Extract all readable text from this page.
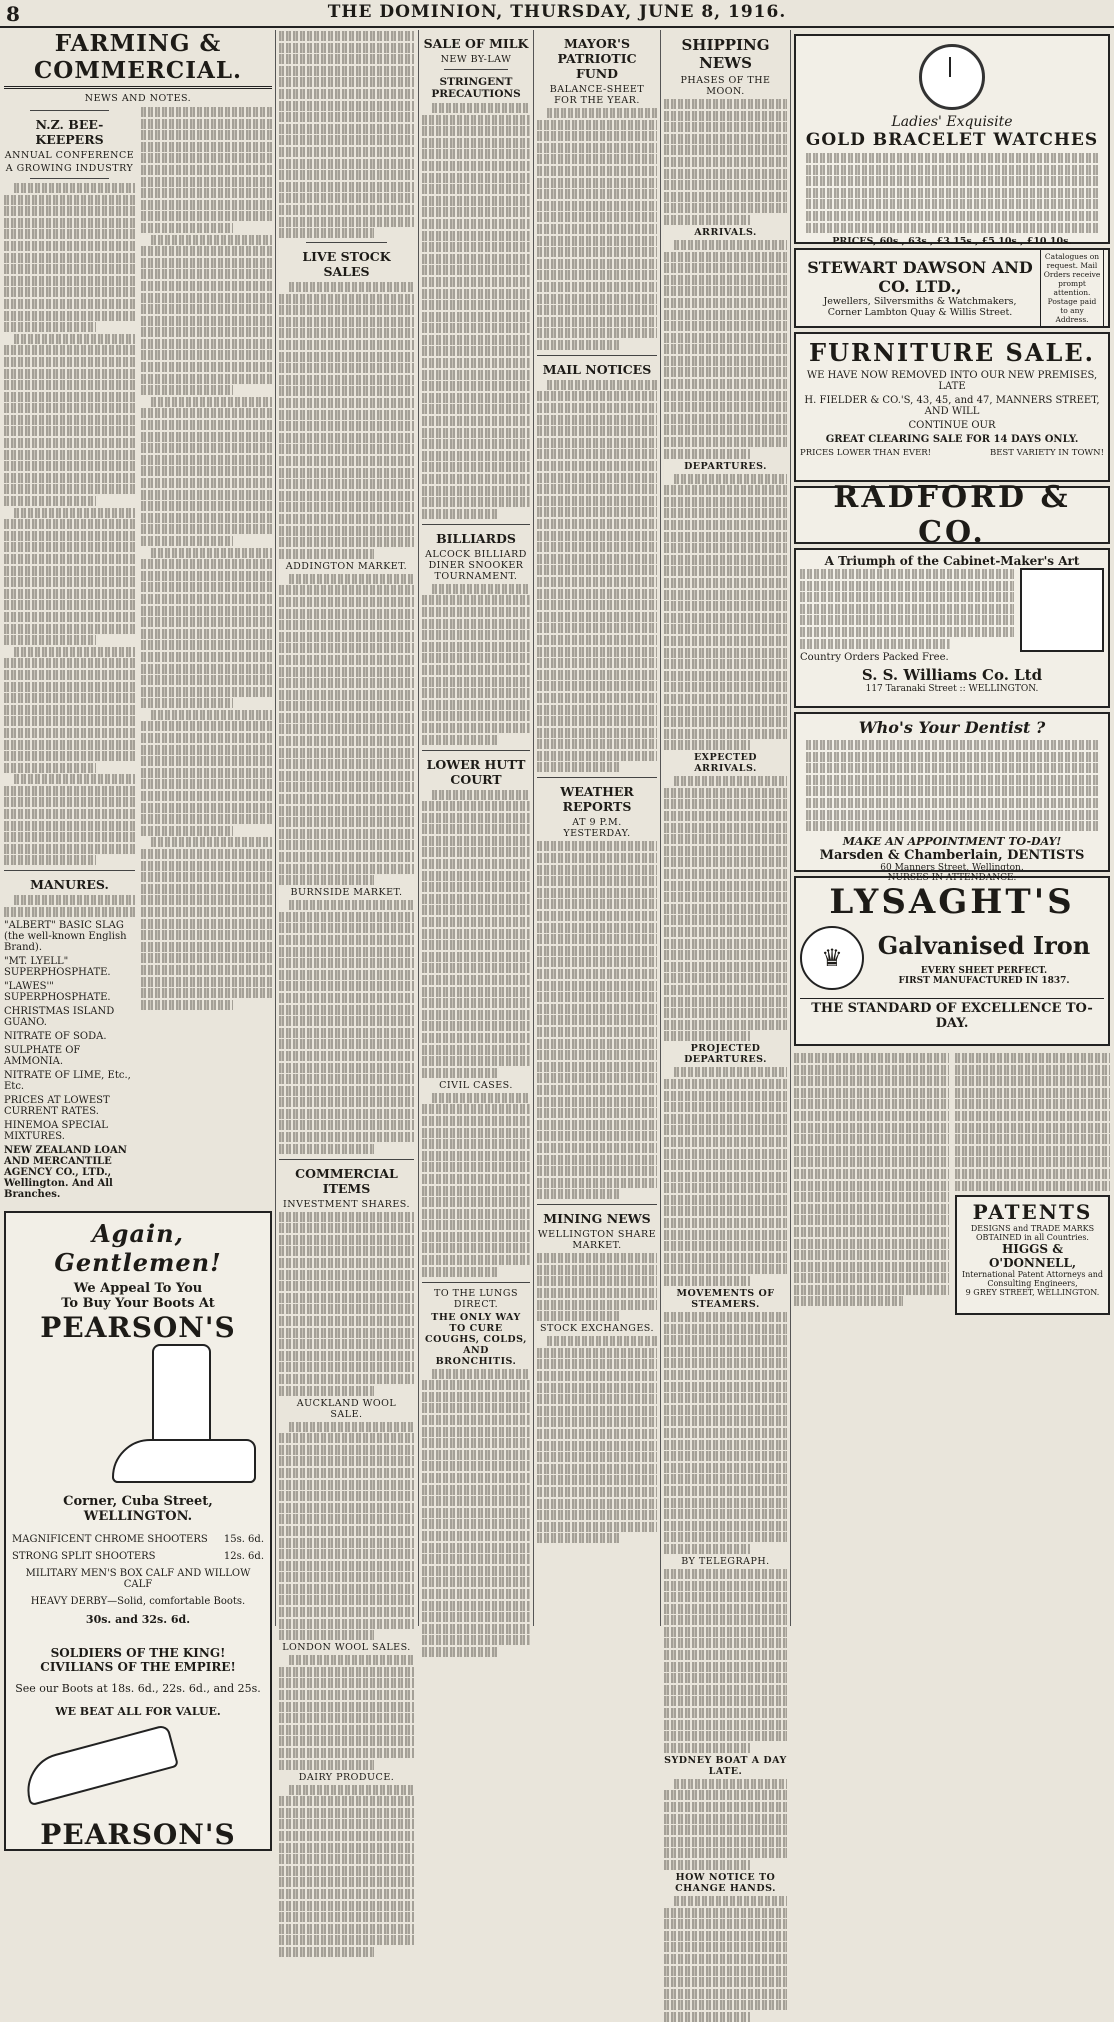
8	THE DOMINION, THURSDAY, JUNE 8, 1916.
FARMING & COMMERCIAL.
NEWS AND NOTES.
N.Z. BEE-KEEPERS
ANNUAL CONFERENCE
A GROWING INDUSTRY
MANURES.
"ALBERT" BASIC SLAG (the well-known English Brand).
"MT. LYELL" SUPERPHOSPHATE.
"LAWES'" SUPERPHOSPHATE.
CHRISTMAS ISLAND GUANO.
NITRATE OF SODA.
SULPHATE OF AMMONIA.
NITRATE OF LIME, Etc., Etc.
PRICES AT LOWEST CURRENT RATES.
HINEMOA SPECIAL MIXTURES.
NEW ZEALAND LOAN AND MERCANTILE AGENCY CO., LTD., Wellington. And All Branches.
Again, Gentlemen!
We Appeal To You
To Buy Your Boots At
PEARSON'S
Corner, Cuba Street,
WELLINGTON.
MAGNIFICENT CHROME SHOOTERS 15s. 6d.
STRONG SPLIT SHOOTERS	12s. 6d.
MILITARY MEN'S BOX CALF AND WILLOW CALF
HEAVY DERBY—Solid, comfortable Boots.
30s. and 32s. 6d.
SOLDIERS OF THE KING!
CIVILIANS OF THE EMPIRE!
See our Boots at 18s. 6d., 22s. 6d., and 25s.
WE BEAT ALL FOR VALUE.
PEARSON'S
LIVE STOCK SALES
ADDINGTON MARKET.
BURNSIDE MARKET.
COMMERCIAL ITEMS
INVESTMENT SHARES.
AUCKLAND WOOL SALE.
LONDON WOOL SALES.
DAIRY PRODUCE.
SALE OF MILK
NEW BY-LAW
STRINGENT PRECAUTIONS
BILLIARDS
ALCOCK BILLIARD DINER SNOOKER TOURNAMENT.
LOWER HUTT COURT
CIVIL CASES.
TO THE LUNGS DIRECT.
THE ONLY WAY TO CURE COUGHS, COLDS, AND BRONCHITIS.
MAYOR'S PATRIOTIC FUND
BALANCE-SHEET FOR THE YEAR.
MAIL NOTICES
WEATHER REPORTS
AT 9 P.M. YESTERDAY.
MINING NEWS
WELLINGTON SHARE MARKET.
STOCK EXCHANGES.
SHIPPING NEWS
PHASES OF THE MOON.
ARRIVALS.
DEPARTURES.
EXPECTED ARRIVALS.
PROJECTED DEPARTURES.
MOVEMENTS OF STEAMERS.
BY TELEGRAPH.
SYDNEY BOAT A DAY LATE.
HOW NOTICE TO CHANGE HANDS.
Ladies' Exquisite
GOLD BRACELET WATCHES
PRICES, 60s., 63s., £3 15s., £5 10s., £10 10s.
STEWART DAWSON AND CO. LTD.,
Jewellers, Silversmiths & Watchmakers,
Corner Lambton Quay & Willis Street.
Catalogues on request. Mail Orders receive prompt attention. Postage paid to any Address.
FURNITURE SALE.
WE HAVE NOW REMOVED INTO OUR NEW PREMISES, LATE
H. FIELDER & CO.'S, 43, 45, and 47, MANNERS STREET, AND WILL
CONTINUE OUR
GREAT CLEARING SALE FOR 14 DAYS ONLY.
PRICES LOWER THAN EVER!	BEST VARIETY IN TOWN!
RADFORD & CO.
A Triumph of the Cabinet-Maker's Art
Country Orders Packed Free.
S. S. Williams Co. Ltd
117 Taranaki Street :: WELLINGTON.
Who's Your Dentist ?
MAKE AN APPOINTMENT TO-DAY!
Marsden & Chamberlain, DENTISTS
60 Manners Street, Wellington.
NURSES IN ATTENDANCE.
LYSAGHT'S
♛	Galvanised Iron
EVERY SHEET PERFECT.
FIRST MANUFACTURED IN 1837.
THE STANDARD OF EXCELLENCE TO-DAY.
PATENTS
DESIGNS and TRADE MARKS OBTAINED in all Countries.
HIGGS & O'DONNELL,
International Patent Attorneys and Consulting Engineers,
9 GREY STREET, WELLINGTON.
